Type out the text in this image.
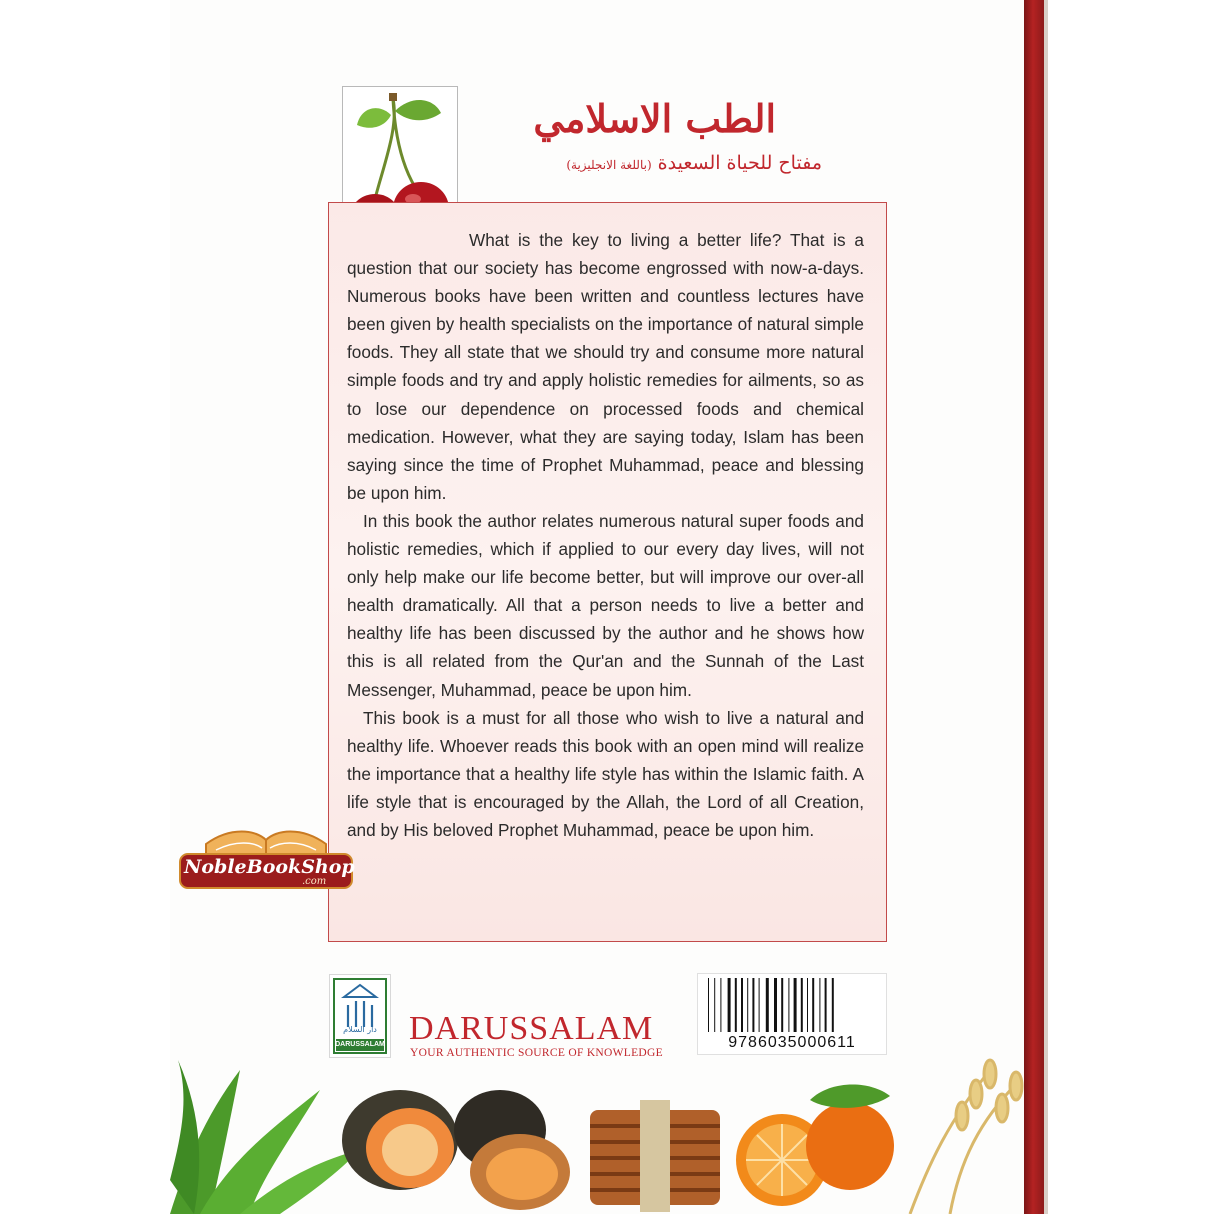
الطب الاسلامي
مفتاح للحياة السعيدة (باللغة الانجليزية)

What is the key to living a better life? That is a question that our society has become engrossed with now-a-days. Numerous books have been written and countless lectures have been given by health specialists on the importance of natural simple foods. They all state that we should try and consume more natural simple foods and try and apply holistic remedies for ailments, so as to lose our dependence on processed foods and chemical medication. However, what they are saying today, Islam has been saying since the time of Prophet Muhammad, peace and blessing be upon him.

In this book the author relates numerous natural super foods and holistic remedies, which if applied to our every day lives, will not only help make our life become better, but will improve our over-all health dramatically. All that a person needs to live a better and healthy life has been discussed by the author and he shows how this is all related from the Qur'an and the Sunnah of the Last Messenger, Muhammad, peace be upon him.

This book is a must for all those who wish to live a natural and healthy life. Whoever reads this book with an open mind will realize the importance that a healthy life style has within the Islamic faith. A life style that is encouraged by the Allah, the Lord of all Creation, and by His beloved Prophet Muhammad, peace be upon him.

NobleBookShop
.com
دار السلام
DARUSSALAM DARUSSALAM
YOUR AUTHENTIC SOURCE OF KNOWLEDGE
9786035000611
